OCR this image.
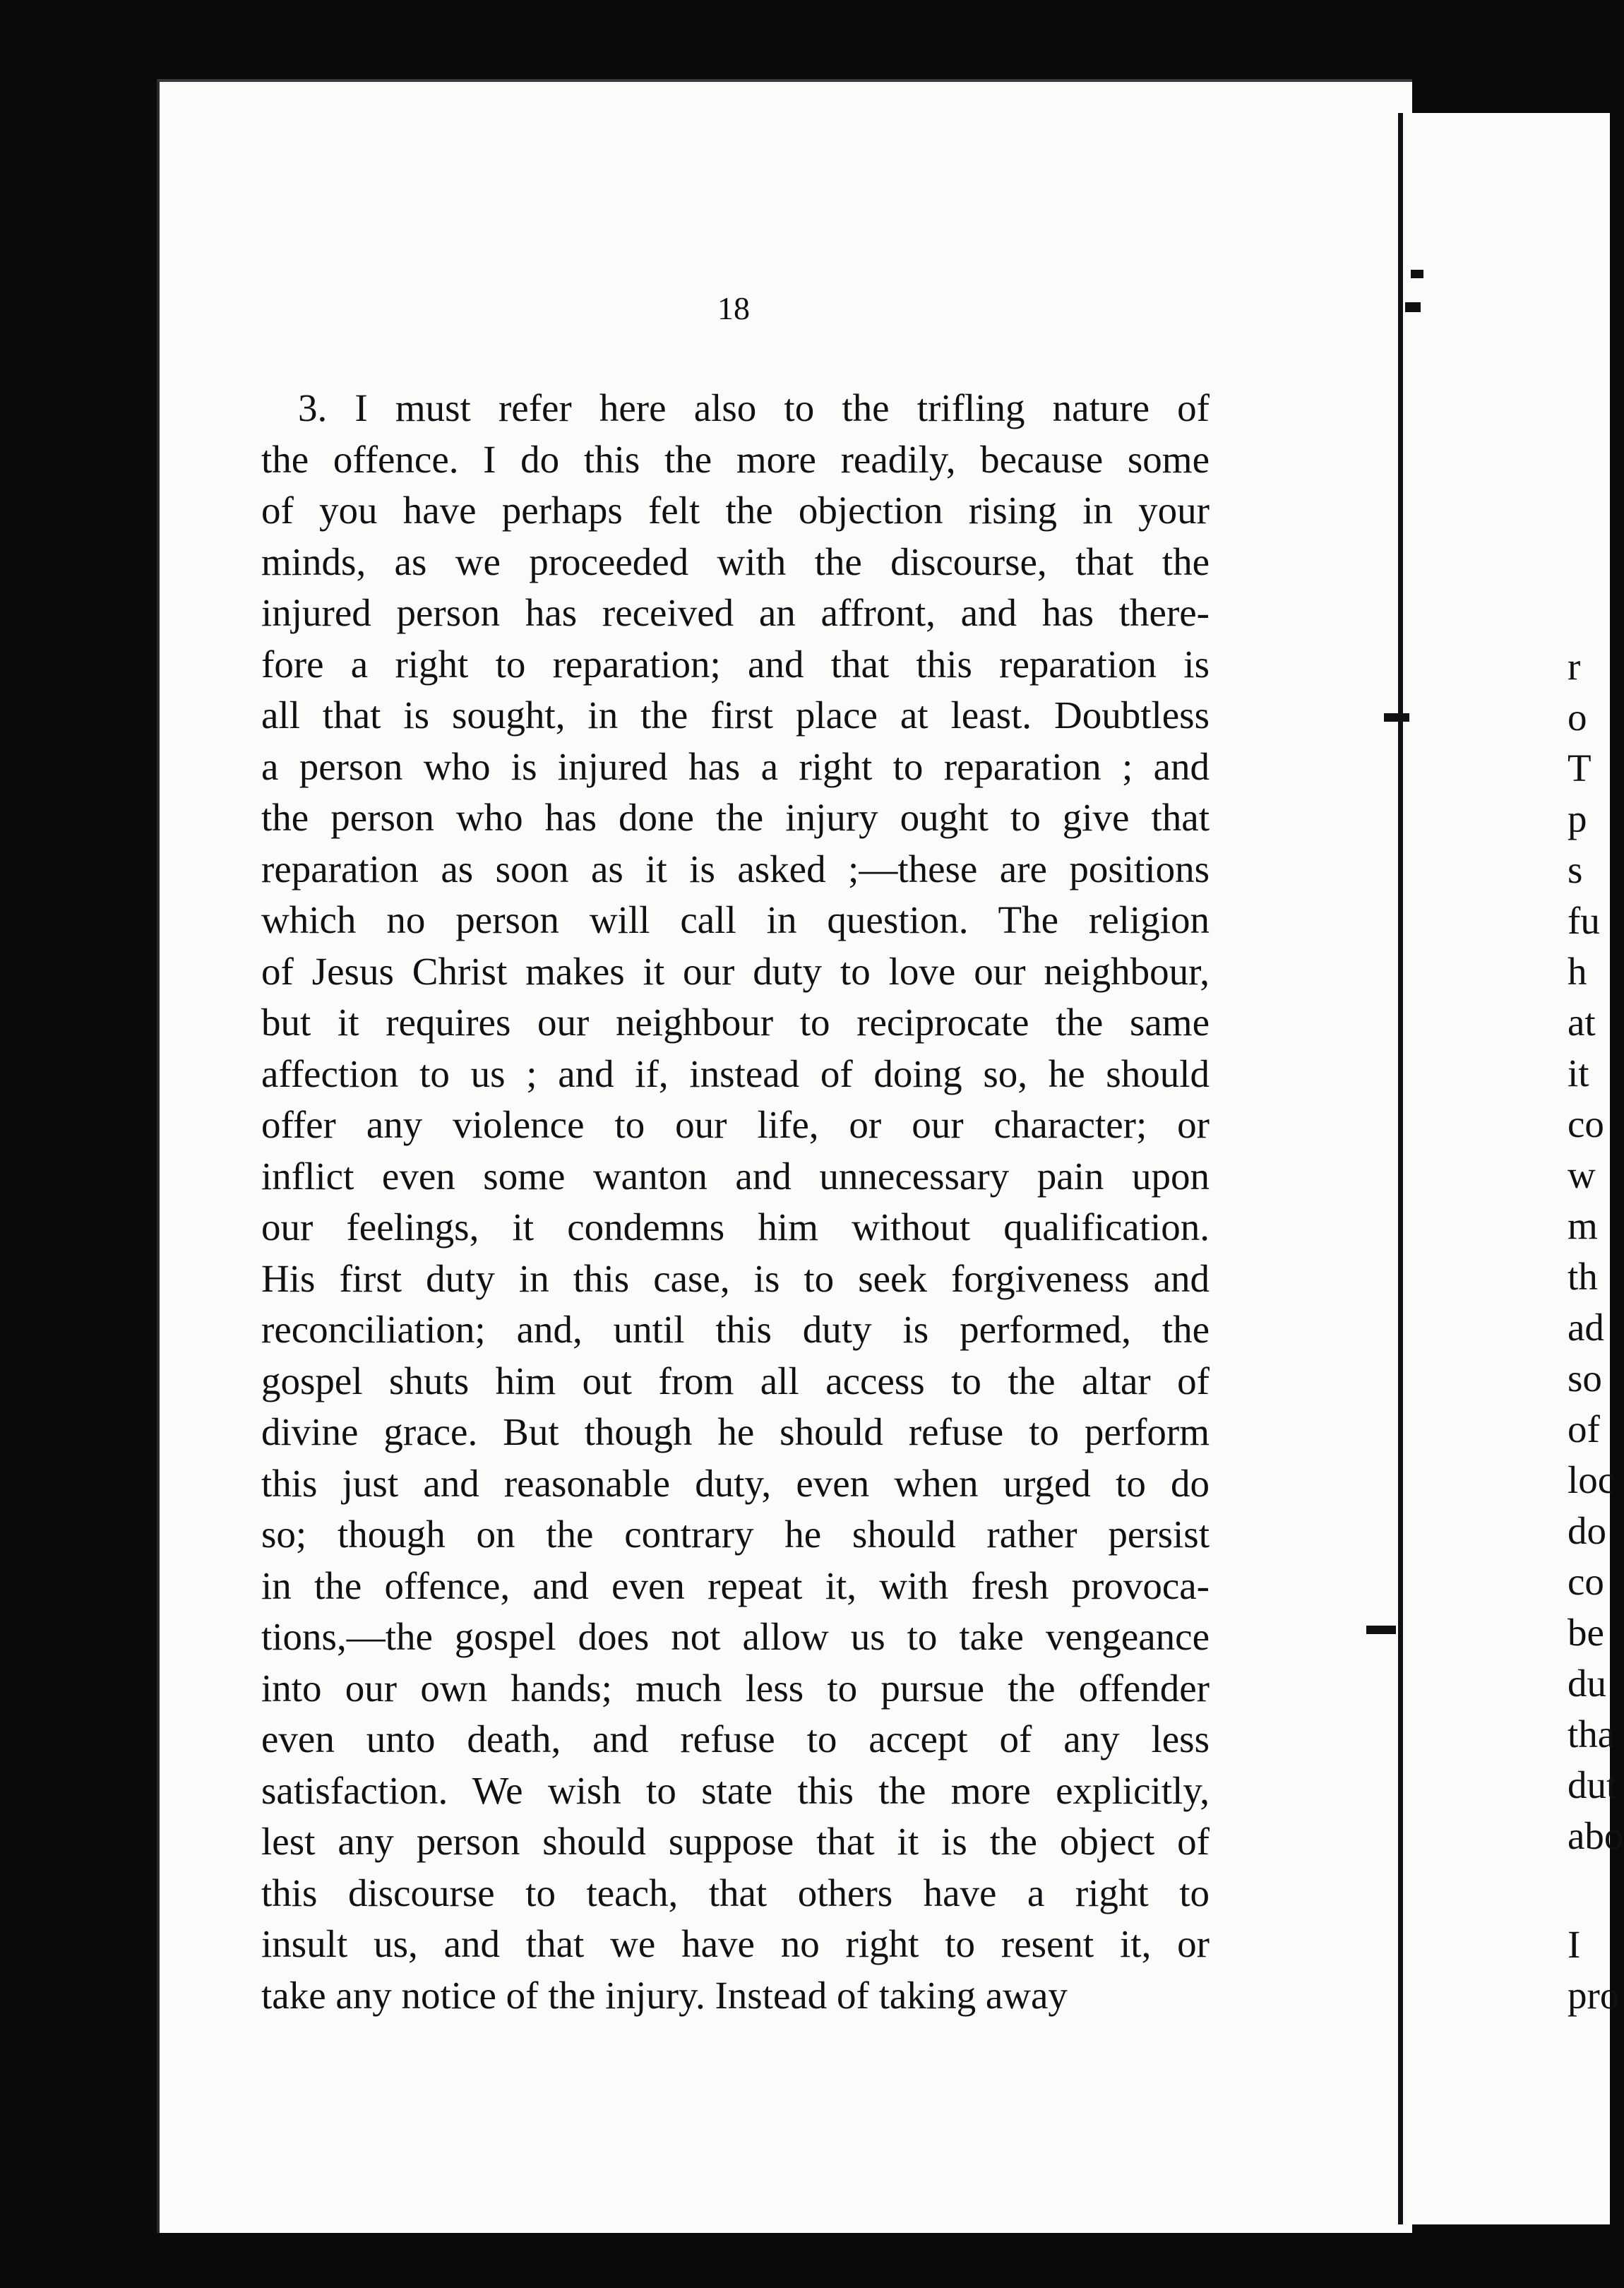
18
3. I must refer here also to the trifling nature of
the offence. I do this the more readily, because some
of you have perhaps felt the objection rising in your
minds, as we proceeded with the discourse, that the
injured person has received an affront, and has there-
fore a right to reparation; and that this reparation is
all that is sought, in the first place at least. Doubtless
a person who is injured has a right to reparation ; and
the person who has done the injury ought to give that
reparation as soon as it is asked ;—these are positions
which no person will call in question. The religion
of Jesus Christ makes it our duty to love our neighbour,
but it requires our neighbour to reciprocate the same
affection to us ; and if, instead of doing so, he should
offer any violence to our life, or our character; or
inflict even some wanton and unnecessary pain upon
our feelings, it condemns him without qualification.
His first duty in this case, is to seek forgiveness and
reconciliation; and, until this duty is performed, the
gospel shuts him out from all access to the altar of
divine grace. But though he should refuse to perform
this just and reasonable duty, even when urged to do
so; though on the contrary he should rather persist
in the offence, and even repeat it, with fresh provoca-
tions,—the gospel does not allow us to take vengeance
into our own hands; much less to pursue the offender
even unto death, and refuse to accept of any less
satisfaction. We wish to state this the more explicitly,
lest any person should suppose that it is the object of
this discourse to teach, that others have a right to
insult us, and that we have no right to resent it, or
take any notice of the injury. Instead of taking away
r
o
T
p
s
fu
h
at
it
co
w
m
th
ad
so
of
loc
do
co
be
du
tha
dut
abo
I
pro
